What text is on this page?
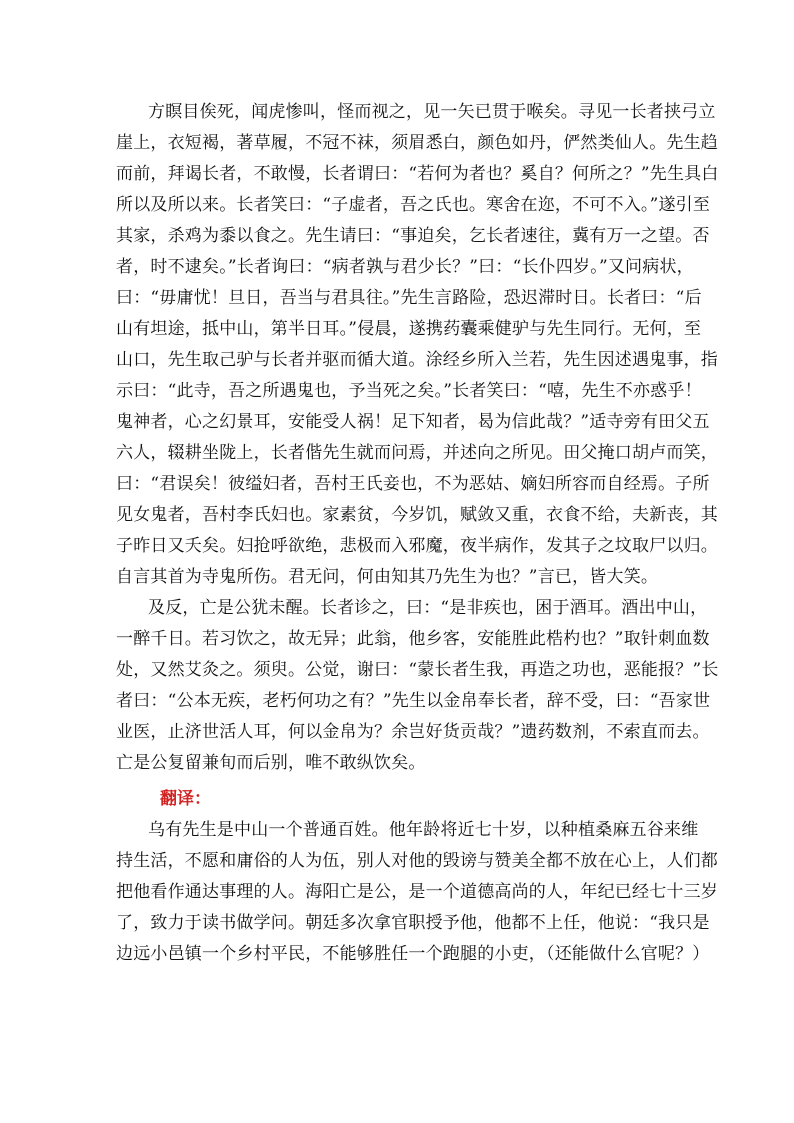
方瞑目俟死，闻虎惨叫，怪而视之，见一矢已贯于喉矣。寻见一长者挟弓立
崖上，衣短褐，著草履，不冠不袜，须眉悉白，颜色如丹，俨然类仙人。先生趋
而前，拜谒长者，不敢慢，长者谓曰：“若何为者也？奚自？何所之？”先生具白
所以及所以来。长者笑曰：“子虚者，吾之氏也。寒舍在迩，不可不入。”遂引至
其家，杀鸡为黍以食之。先生请曰：“事迫矣，乞长者速往，冀有万一之望。否
者，时不逮矣。”长者询曰：“病者孰与君少长？”曰：“长仆四岁。”又问病状，
曰：“毋庸忧！旦日，吾当与君具往。”先生言路险，恐迟滞时日。长者曰：“后
山有坦途，抵中山，第半日耳。”侵晨，遂携药囊乘健驴与先生同行。无何，至
山口，先生取己驴与长者并驱而循大道。涂经乡所入兰若，先生因述遇鬼事，指
示曰：“此寺，吾之所遇鬼也，予当死之矣。”长者笑曰：“嘻，先生不亦惑乎！
鬼神者，心之幻景耳，安能受人祸！足下知者，曷为信此哉？”适寺旁有田父五
六人，辍耕坐陇上，长者偕先生就而问焉，并述向之所见。田父掩口胡卢而笑，
曰：“君误矣！彼缢妇者，吾村王氏妾也，不为恶姑、嫡妇所容而自经焉。子所
见女鬼者，吾村李氏妇也。家素贫，今岁饥，赋敛又重，衣食不给，夫新丧，其
子昨日又夭矣。妇抢呼欲绝，悲极而入邪魔，夜半病作，发其子之坟取尸以归。
自言其首为寺鬼所伤。君无问，何由知其乃先生为也？”言已，皆大笑。
及反，亡是公犹未醒。长者诊之，曰：“是非疾也，困于酒耳。酒出中山，
一醉千日。若习饮之，故无异；此翁，他乡客，安能胜此梏杓也？”取针刺血数
处，又然艾灸之。须臾。公觉，谢曰：“蒙长者生我，再造之功也，恶能报？”长
者曰：“公本无疾，老朽何功之有？”先生以金帛奉长者，辞不受，曰：“吾家世
业医，止济世活人耳，何以金帛为？余岂好货贡哉？”遗药数剂，不索直而去。
亡是公复留兼旬而后别，唯不敢纵饮矣。
翻译：
乌有先生是中山一个普通百姓。他年龄将近七十岁，以种植桑麻五谷来维
持生活，不愿和庸俗的人为伍，别人对他的毁谤与赞美全都不放在心上，人们都
把他看作通达事理的人。海阳亡是公，是一个道德高尚的人，年纪已经七十三岁
了，致力于读书做学问。朝廷多次拿官职授予他，他都不上任，他说：“我只是
边远小邑镇一个乡村平民，不能够胜任一个跑腿的小吏，（还能做什么官呢？）
